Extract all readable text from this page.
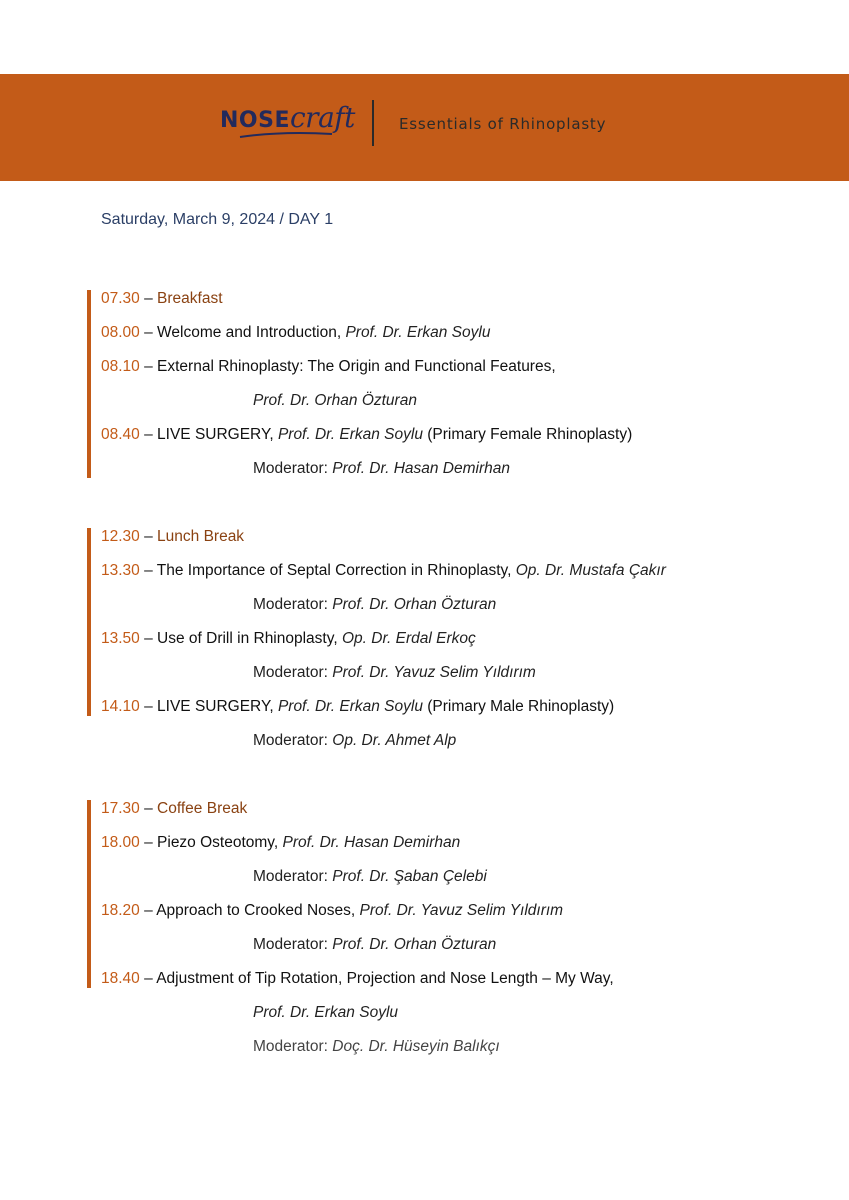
NOSE craft	Essentials of Rhinoplasty
Saturday, March 9, 2024 / DAY 1
07.30 – Breakfast
08.00 – Welcome and Introduction, Prof. Dr. Erkan Soylu
08.10 – External Rhinoplasty: The Origin and Functional Features,
Prof. Dr. Orhan Özturan
08.40 – LIVE SURGERY, Prof. Dr. Erkan Soylu (Primary Female Rhinoplasty)
Moderator: Prof. Dr. Hasan Demirhan
12.30 – Lunch Break
13.30 – The Importance of Septal Correction in Rhinoplasty, Op. Dr. Mustafa Çakır
Moderator: Prof. Dr. Orhan Özturan
13.50 – Use of Drill in Rhinoplasty, Op. Dr. Erdal Erkoç
Moderator: Prof. Dr. Yavuz Selim Yıldırım
14.10 – LIVE SURGERY, Prof. Dr. Erkan Soylu (Primary Male Rhinoplasty)
Moderator: Op. Dr. Ahmet Alp
17.30 – Coffee Break
18.00 – Piezo Osteotomy, Prof. Dr. Hasan Demirhan
Moderator: Prof. Dr. Şaban Çelebi
18.20 – Approach to Crooked Noses, Prof. Dr. Yavuz Selim Yıldırım
Moderator: Prof. Dr. Orhan Özturan
18.40 – Adjustment of Tip Rotation, Projection and Nose Length – My Way,
Prof. Dr. Erkan Soylu
Moderator: Doç. Dr. Hüseyin Balıkçı
